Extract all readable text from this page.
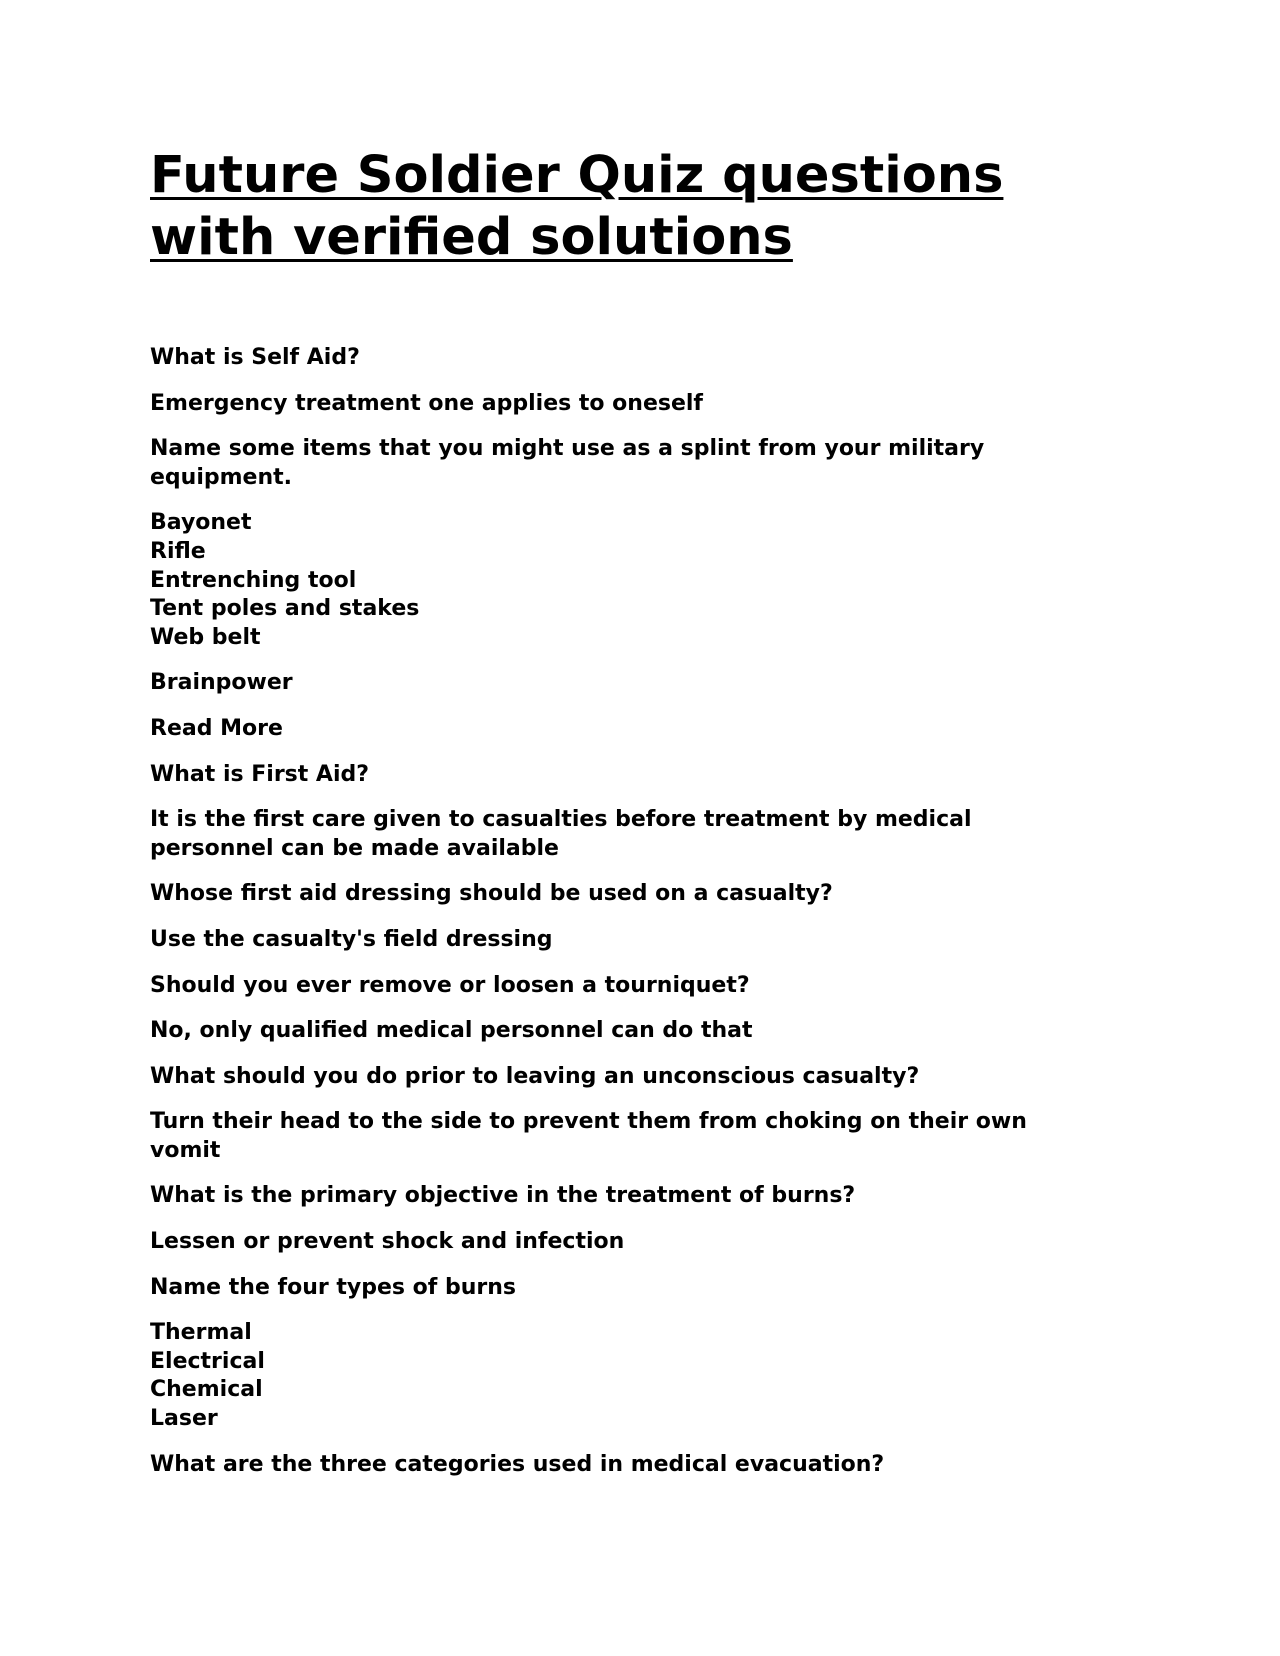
Future Soldier Quiz questions with verified solutions

What is Self Aid?

Emergency treatment one applies to oneself

Name some items that you might use as a splint from your military equipment.

Bayonet
Rifle
Entrenching tool
Tent poles and stakes
Web belt

Brainpower

Read More

What is First Aid?

It is the first care given to casualties before treatment by medical personnel can be made available

Whose first aid dressing should be used on a casualty?

Use the casualty's field dressing

Should you ever remove or loosen a tourniquet?

No, only qualified medical personnel can do that

What should you do prior to leaving an unconscious casualty?

Turn their head to the side to prevent them from choking on their own vomit

What is the primary objective in the treatment of burns?

Lessen or prevent shock and infection

Name the four types of burns

Thermal
Electrical
Chemical
Laser

What are the three categories used in medical evacuation?
